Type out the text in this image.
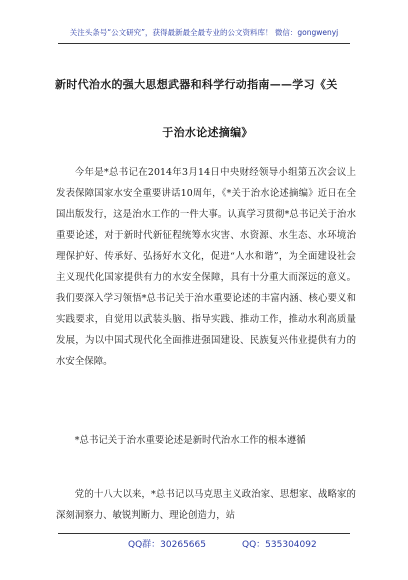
关注头条号“公文研究”，获得最新最全最专业的公文资料库！ 微信：gongwenyj
新时代治水的强大思想武器和科学行动指南——学习《关
于治水论述摘编》

今年是*总书记在2014年3月14日中央财经领导小组第五次会议上发表保障国家水安全重要讲话10周年，《*关于治水论述摘编》近日在全国出版发行，这是治水工作的一件大事。认真学习贯彻*总书记关于治水重要论述，对于新时代新征程统筹水灾害、水资源、水生态、水环境治理保护好、传承好、弘扬好水文化，促进“人水和谐”，为全面建设社会主义现代化国家提供有力的水安全保障，具有十分重大而深远的意义。我们要深入学习领悟*总书记关于治水重要论述的丰富内涵、核心要义和实践要求，自觉用以武装头脑、指导实践、推动工作，推动水利高质量发展，为以中国式现代化全面推进强国建设、民族复兴伟业提供有力的水安全保障。

*总书记关于治水重要论述是新时代治水工作的根本遵循

党的十八大以来，*总书记以马克思主义政治家、思想家、战略家的深刻洞察力、敏锐判断力、理论创造力，站

QQ群：30265665	QQ：535304092
